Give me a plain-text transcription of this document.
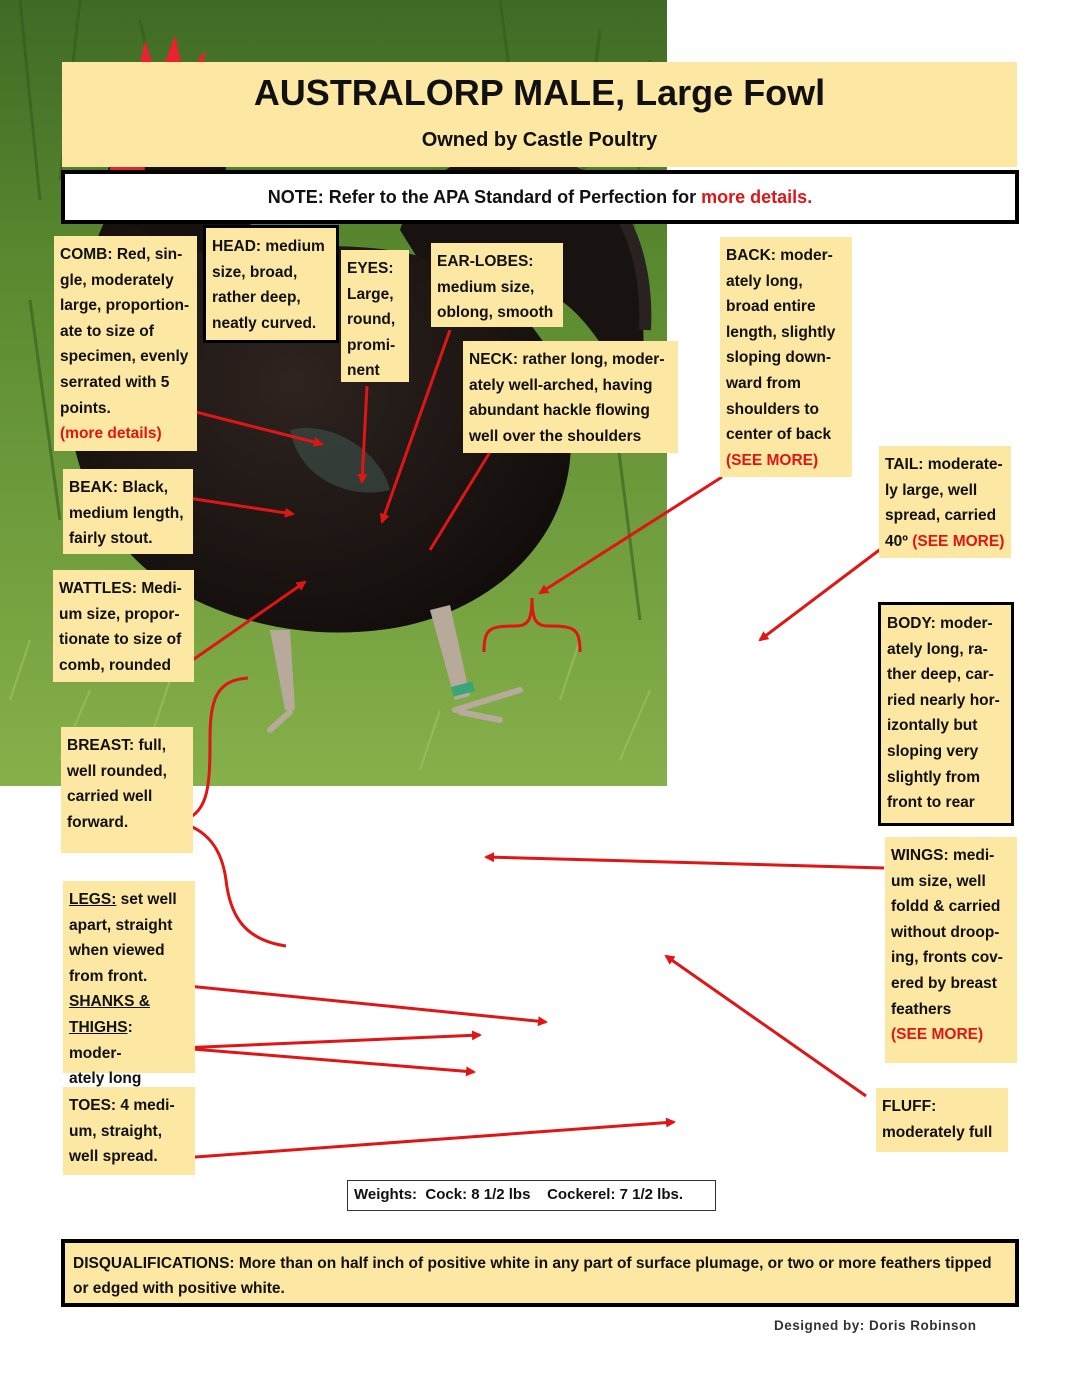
AUSTRALORP MALE, Large Fowl
Owned by Castle Poultry
NOTE: Refer to the APA Standard of Perfection for more details.
COMB: Red, sin-
gle, moderately
large, proportion-
ate to size of
specimen, evenly
serrated with 5
points.
(more details)
HEAD: medium
size, broad,
rather deep,
neatly curved.
EYES:
Large,
round,
promi-
nent
EAR-LOBES:
medium size,
oblong, smooth
NECK: rather long, moder-
ately well-arched, having
abundant hackle flowing
well over the shoulders
BACK: moder-
ately long,
broad entire
length, slightly
sloping down-
ward from
shoulders to
center of back
(SEE MORE)	TAIL: moderate-
ly large, well
spread, carried
40º (SEE MORE)
BEAK: Black,
medium length,
fairly stout.
WATTLES: Medi-
um size, propor-
tionate to size of
comb, rounded
BODY: moder-
ately long, ra-
ther deep, car-
ried nearly hor-
izontally but
sloping very
slightly from
front to rear
BREAST: full,
well rounded,
carried well
forward.
WINGS: medi-
um size, well
foldd & carried
without droop-
ing, fronts cov-
ered by breast
feathers
(SEE MORE)
LEGS: set well
apart, straight
when viewed
from front.
SHANKS &
THIGHS: moder-
ately long
FLUFF:
moderately full
TOES: 4 medi-
um, straight,
well spread.
Weights:  Cock: 8 1/2 lbs    Cockerel: 7 1/2 lbs.
DISQUALIFICATIONS: More than on half inch of positive white in any part of surface plumage, or two or more feathers tipped or edged with positive white.
Designed by: Doris Robinson
